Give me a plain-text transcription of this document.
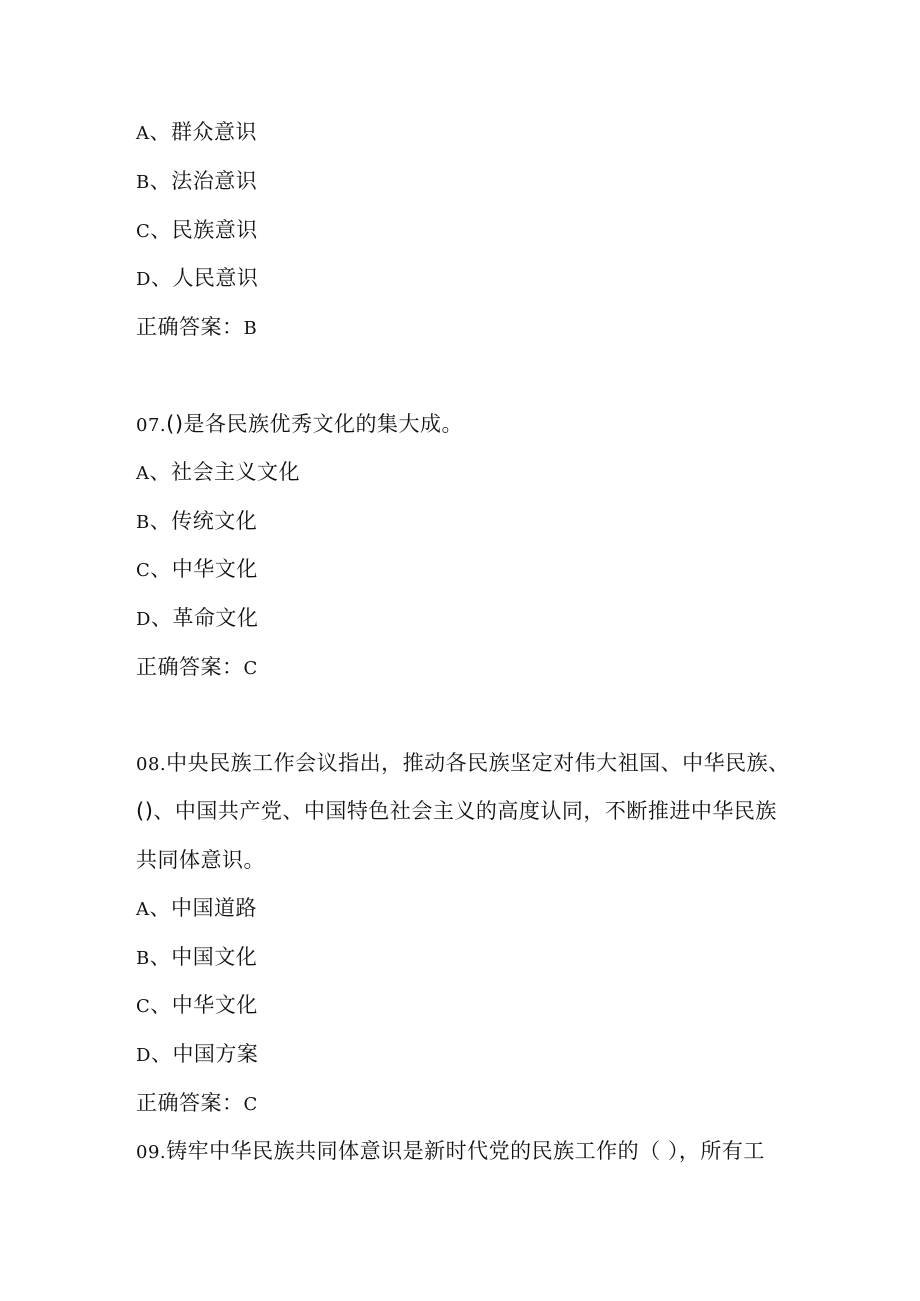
A、群众意识
B、法治意识
C、民族意识
D、人民意识
正确答案：B
07.()是各民族优秀文化的集大成。
A、社会主义文化
B、传统文化
C、中华文化
D、革命文化
正确答案：C
08.中央民族工作会议指出，推动各民族坚定对伟大祖国、中华民族、
()、中国共产党、中国特色社会主义的高度认同，不断推进中华民族
共同体意识。
A、中国道路
B、中国文化
C、中华文化
D、中国方案
正确答案：C
09.铸牢中华民族共同体意识是新时代党的民族工作的（ ），所有工
